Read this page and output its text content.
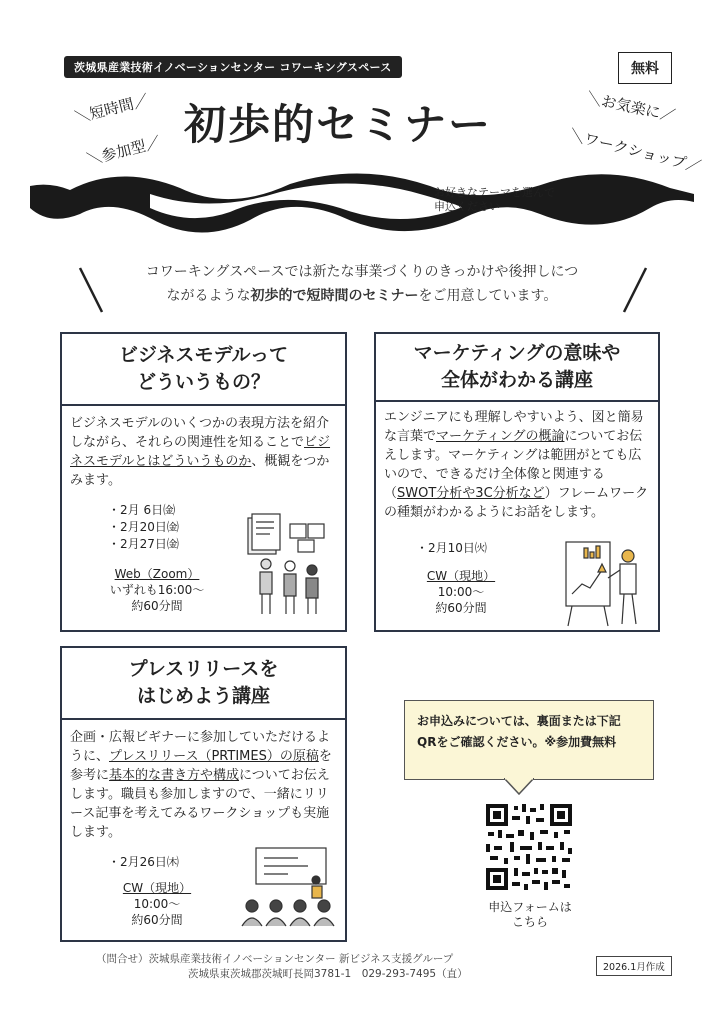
茨城県産業技術イノベーションセンター コワーキングスペース	無料
＼短時間／
＼参加型／ 初歩的セミナー
＼お気楽に／
＼ワークショップ／
お好きなテーマを選んで
申込ください
コワーキングスペースでは新たな事業づくりのきっかけや後押しにつ
ながるような初歩的で短時間のセミナーをご用意しています。
ビジネスモデルって
どういうもの？
ビジネスモデルのいくつかの表現方法を紹介しながら、それらの関連性を知ることでビジネスモデルとはどういうものか、概観をつかみます。
・2月 6日㈮
・2月20日㈮
・2月27日㈮
Web（Zoom）
いずれも16:00～
約60分間
マーケティングの意味や
全体がわかる講座
エンジニアにも理解しやすいよう、図と簡易な言葉でマーケティングの概論についてお伝えします。マーケティングは範囲がとても広いので、できるだけ全体像と関連する（SWOT分析や3C分析など）フレームワークの種類がわかるようにお話をします。
・2月10日㈫
CW（現地）
10:00～
約60分間
プレスリリースを
はじめよう講座
企画・広報ビギナーに参加していただけるように、プレスリリース（PRTIMES）の原稿を参考に基本的な書き方や構成についてお伝えします。職員も参加しますので、一緒にリリース記事を考えてみるワークショップも実施します。
・2月26日㈭
CW（現地）
10:00～
約60分間
お申込みについては、裏面または下記
QRをご確認ください。※参加費無料
申込フォームは
こちら
（問合せ）茨城県産業技術イノベーションセンター 新ビジネス支援グループ
茨城県東茨城郡茨城町長岡3781-1　029-293-7495（直）
2026.1月作成
